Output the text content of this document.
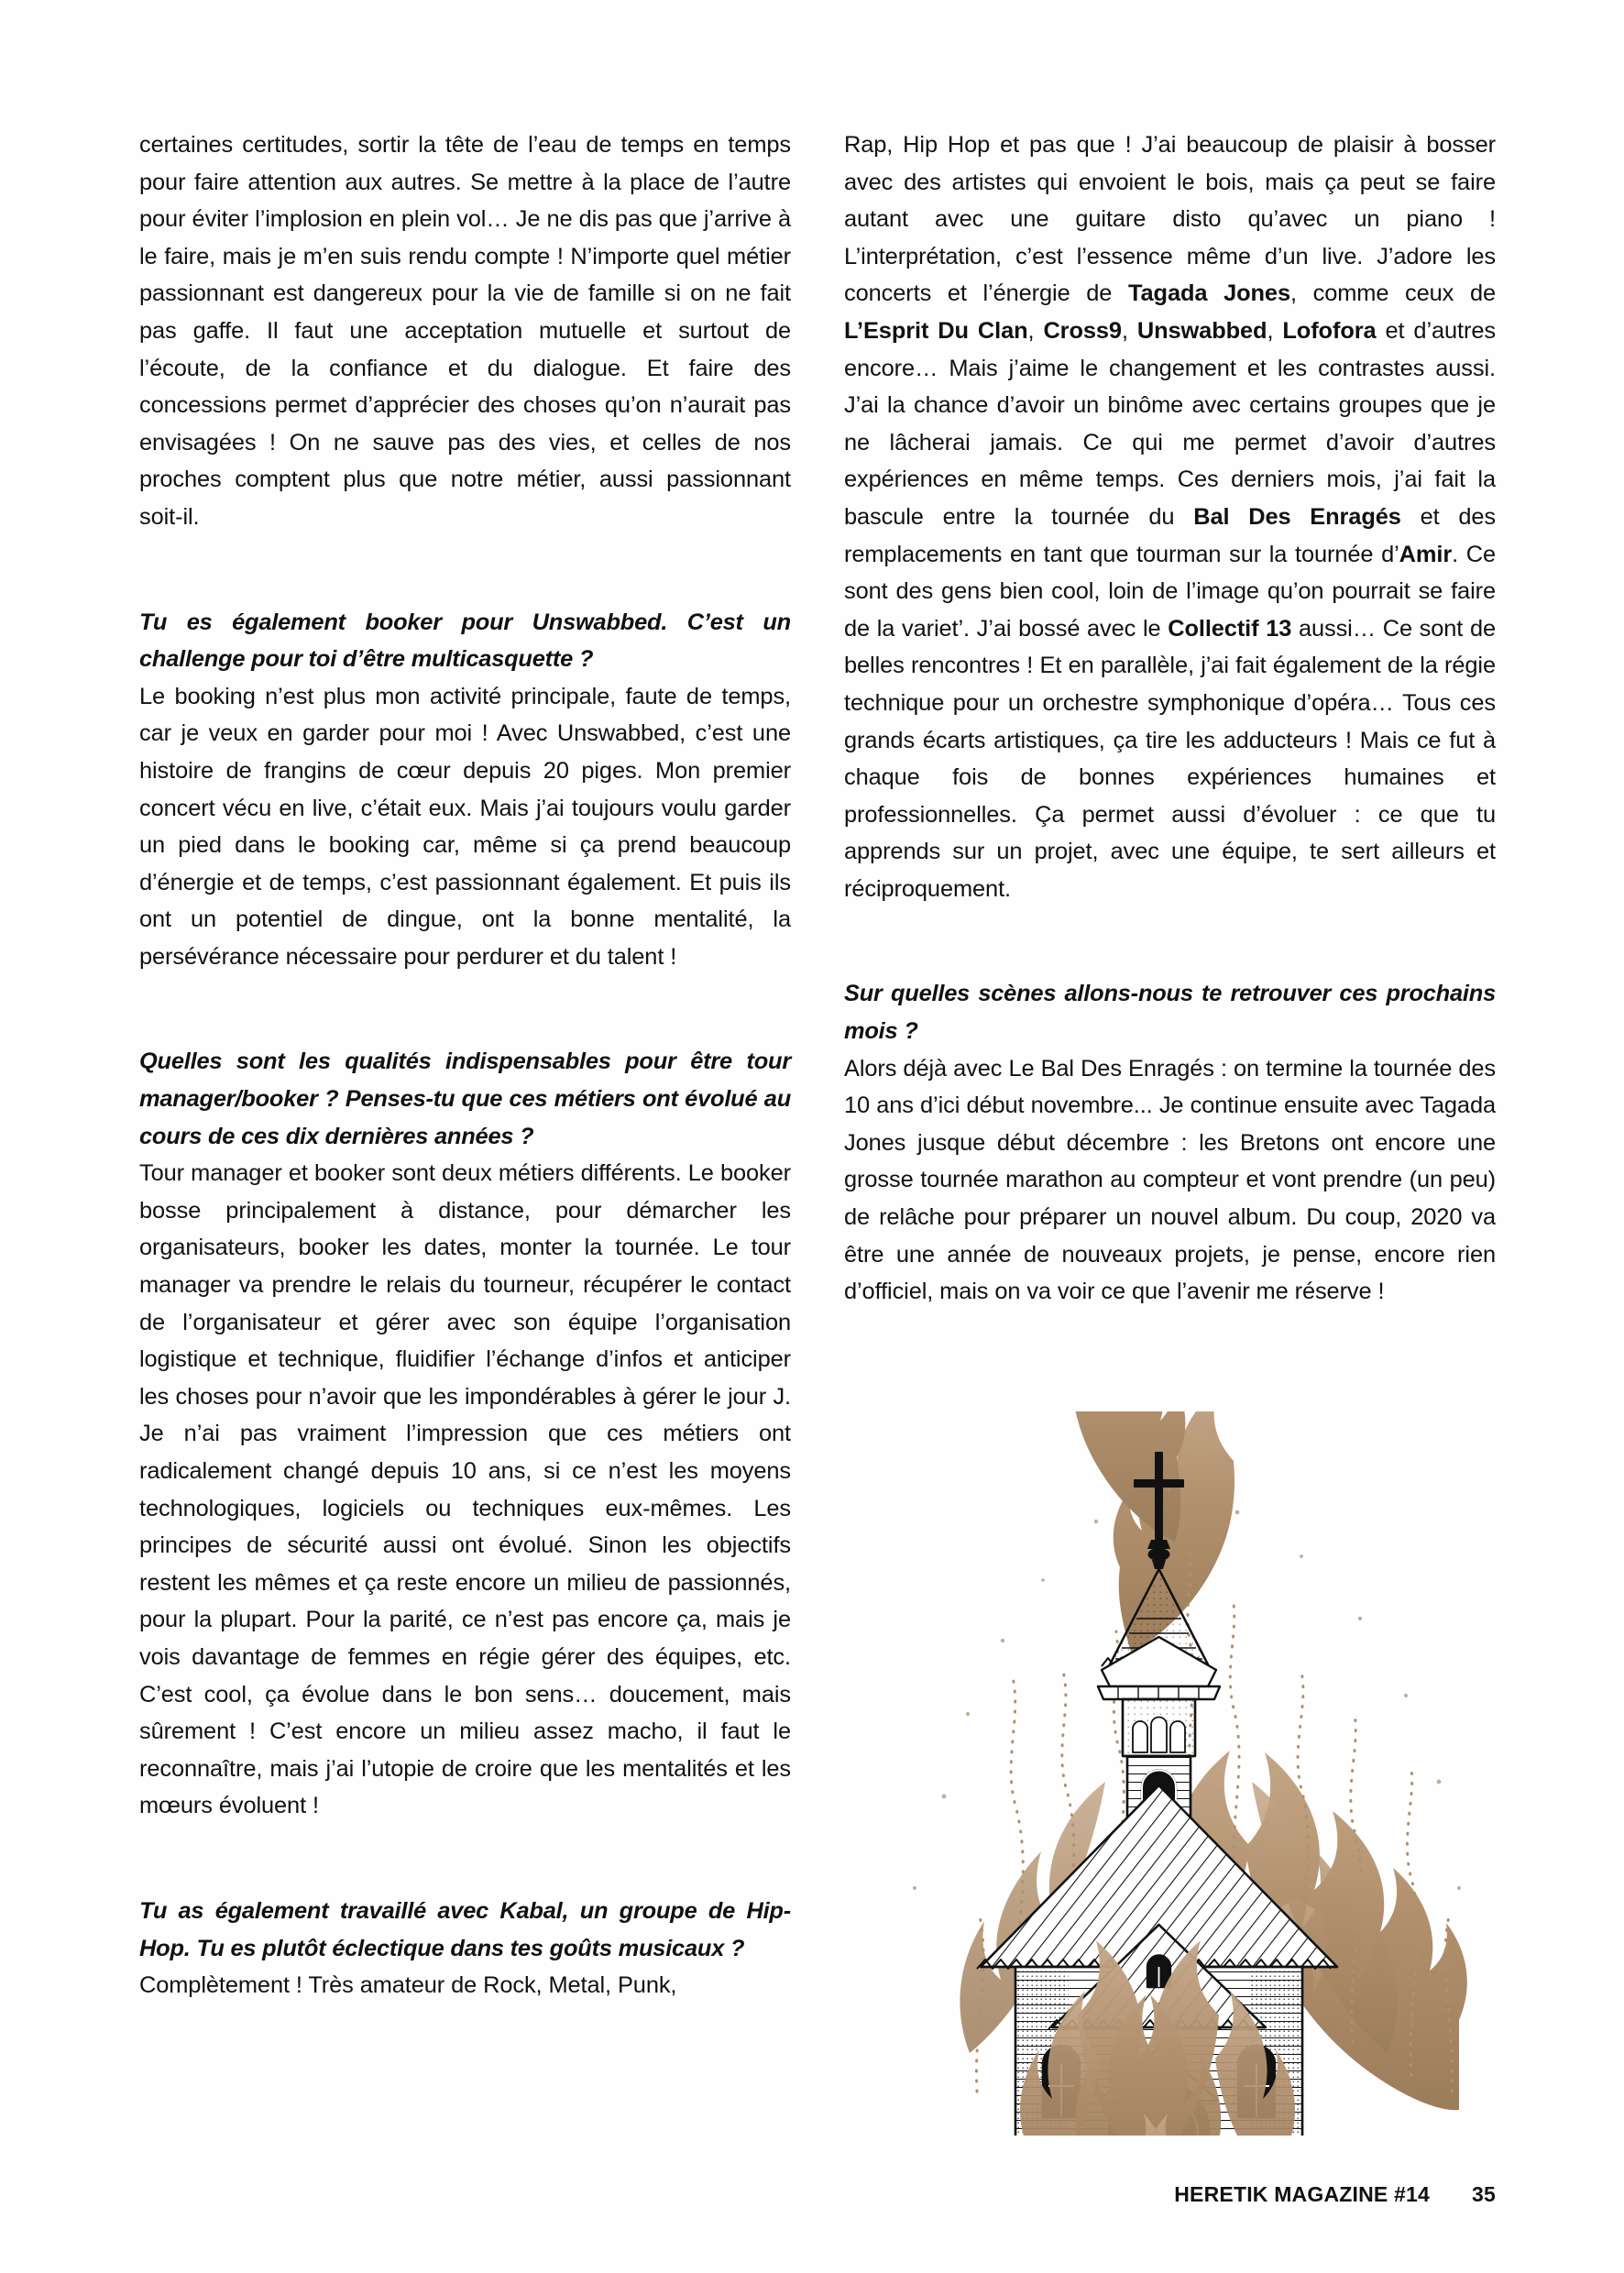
certaines certitudes, sortir la tête de l’eau de temps en temps pour faire attention aux autres. Se mettre à la place de l’autre pour éviter l’implosion en plein vol… Je ne dis pas que j’arrive à le faire, mais je m’en suis rendu compte ! N’importe quel métier passionnant est dangereux pour la vie de famille si on ne fait pas gaffe. Il faut une acceptation mutuelle et surtout de l’écoute, de la confiance et du dialogue. Et faire des concessions permet d’apprécier des choses qu’on n’aurait pas envisagées ! On ne sauve pas des vies, et celles de nos proches comptent plus que notre métier, aussi passionnant soit-il.

Tu es également booker pour Unswabbed. C’est un challenge pour toi d’être multicasquette ?

Le booking n’est plus mon activité principale, faute de temps, car je veux en garder pour moi ! Avec Unswabbed, c’est une histoire de frangins de cœur depuis 20 piges. Mon premier concert vécu en live, c’était eux. Mais j’ai toujours voulu garder un pied dans le booking car, même si ça prend beaucoup d’énergie et de temps, c’est passionnant également. Et puis ils ont un potentiel de dingue, ont la bonne mentalité, la persévérance nécessaire pour perdurer et du talent !

Quelles sont les qualités indispensables pour être tour manager/booker ? Penses-tu que ces métiers ont évolué au cours de ces dix dernières années ?

Tour manager et booker sont deux métiers différents. Le booker bosse principalement à distance, pour démarcher les organisateurs, booker les dates, monter la tournée. Le tour manager va prendre le relais du tourneur, récupérer le contact de l’organisateur et gérer avec son équipe l’organisation logistique et technique, fluidifier l’échange d’infos et anticiper les choses pour n’avoir que les impondérables à gérer le jour J. Je n’ai pas vraiment l’impression que ces métiers ont radicalement changé depuis 10 ans, si ce n’est les moyens technologiques, logiciels ou techniques eux-mêmes. Les principes de sécurité aussi ont évolué. Sinon les objectifs restent les mêmes et ça reste encore un milieu de passionnés, pour la plupart. Pour la parité, ce n’est pas encore ça, mais je vois davantage de femmes en régie gérer des équipes, etc. C’est cool, ça évolue dans le bon sens… doucement, mais sûrement ! C’est encore un milieu assez macho, il faut le reconnaître, mais j’ai l’utopie de croire que les mentalités et les mœurs évoluent !

Tu as également travaillé avec Kabal, un groupe de Hip-Hop. Tu es plutôt éclectique dans tes goûts musicaux ?

Complètement ! Très amateur de Rock, Metal, Punk,

Rap, Hip Hop et pas que ! J’ai beaucoup de plaisir à bosser avec des artistes qui envoient le bois, mais ça peut se faire autant avec une guitare disto qu’avec un piano ! L’interprétation, c’est l’essence même d’un live. J’adore les concerts et l’énergie de Tagada Jones, comme ceux de L’Esprit Du Clan, Cross9, Unswabbed, Lofofora et d’autres encore… Mais j’aime le changement et les contrastes aussi. J’ai la chance d’avoir un binôme avec certains groupes que je ne lâcherai jamais. Ce qui me permet d’avoir d’autres expériences en même temps. Ces derniers mois, j’ai fait la bascule entre la tournée du Bal Des Enragés et des remplacements en tant que tourman sur la tournée d’Amir. Ce sont des gens bien cool, loin de l’image qu’on pourrait se faire de la variet’. J’ai bossé avec le Collectif 13 aussi… Ce sont de belles rencontres ! Et en parallèle, j’ai fait également de la régie technique pour un orchestre symphonique d’opéra… Tous ces grands écarts artistiques, ça tire les adducteurs ! Mais ce fut à chaque fois de bonnes expériences humaines et professionnelles. Ça permet aussi d’évoluer : ce que tu apprends sur un projet, avec une équipe, te sert ailleurs et réciproquement.

Sur quelles scènes allons-nous te retrouver ces prochains mois ?

Alors déjà avec Le Bal Des Enragés : on termine la tournée des 10 ans d’ici début novembre... Je continue ensuite avec Tagada Jones jusque début décembre : les Bretons ont encore une grosse tournée marathon au compteur et vont prendre (un peu) de relâche pour préparer un nouvel album. Du coup, 2020 va être une année de nouveaux projets, je pense, encore rien d’officiel, mais on va voir ce que l’avenir me réserve !

HERETIK MAGAZINE #14 35
